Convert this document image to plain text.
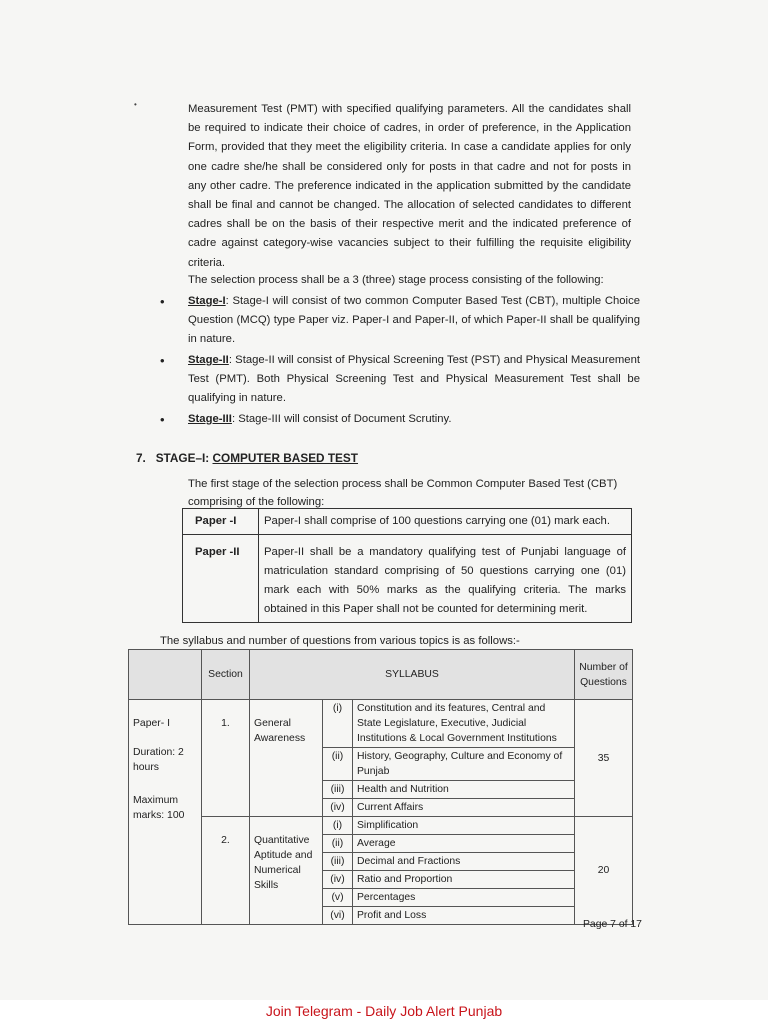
•	Measurement Test (PMT) with specified qualifying parameters. All the candidates shall be required to indicate their choice of cadres, in order of preference, in the Application Form, provided that they meet the eligibility criteria. In case a candidate applies for only one cadre she/he shall be considered only for posts in that cadre and not for posts in any other cadre. The preference indicated in the application submitted by the candidate shall be final and cannot be changed. The allocation of selected candidates to different cadres shall be on the basis of their respective merit and the indicated preference of cadre against category-wise vacancies subject to their fulfilling the requisite eligibility criteria.

The selection process shall be a 3 (three) stage process consisting of the following:

• Stage-I: Stage-I will consist of two common Computer Based Test (CBT), multiple Choice Question (MCQ) type Paper viz. Paper-I and Paper-II, of which Paper-II shall be qualifying in nature.
• Stage-II: Stage-II will consist of Physical Screening Test (PST) and Physical Measurement Test (PMT). Both Physical Screening Test and Physical Measurement Test shall be qualifying in nature.
• Stage-III: Stage-III will consist of Document Scrutiny.

7. STAGE–I: COMPUTER BASED TEST

The first stage of the selection process shall be Common Computer Based Test (CBT) comprising of the following:

Paper -I	Paper-I shall comprise of 100 questions carrying one (01) mark each.
Paper -II	Paper-II shall be a mandatory qualifying test of Punjabi language of matriculation standard comprising of 50 questions carrying one (01) mark each with 50% marks as the qualifying criteria. The marks obtained in this Paper shall not be counted for determining merit.

The syllabus and number of questions from various topics is as follows:-

	Section	SYLLABUS			Number of Questions

Paper- I
Duration: 2 hours
Maximum marks: 100	1.	General Awareness	(i)	Constitution and its features, Central and State Legislature, Executive, Judicial Institutions & Local Government Institutions	35
			(ii)	History, Geography, Culture and Economy of Punjab	
			(iii)	Health and Nutrition	
			(iv)	Current Affairs	
	2.	Quantitative Aptitude and Numerical Skills	(i)	Simplification	20
			(ii)	Average	
			(iii)	Decimal and Fractions	
			(iv)	Ratio and Proportion	
			(v)	Percentages	
			(vi)	Profit and Loss	

Page 7 of 17

Join Telegram - Daily Job Alert Punjab
